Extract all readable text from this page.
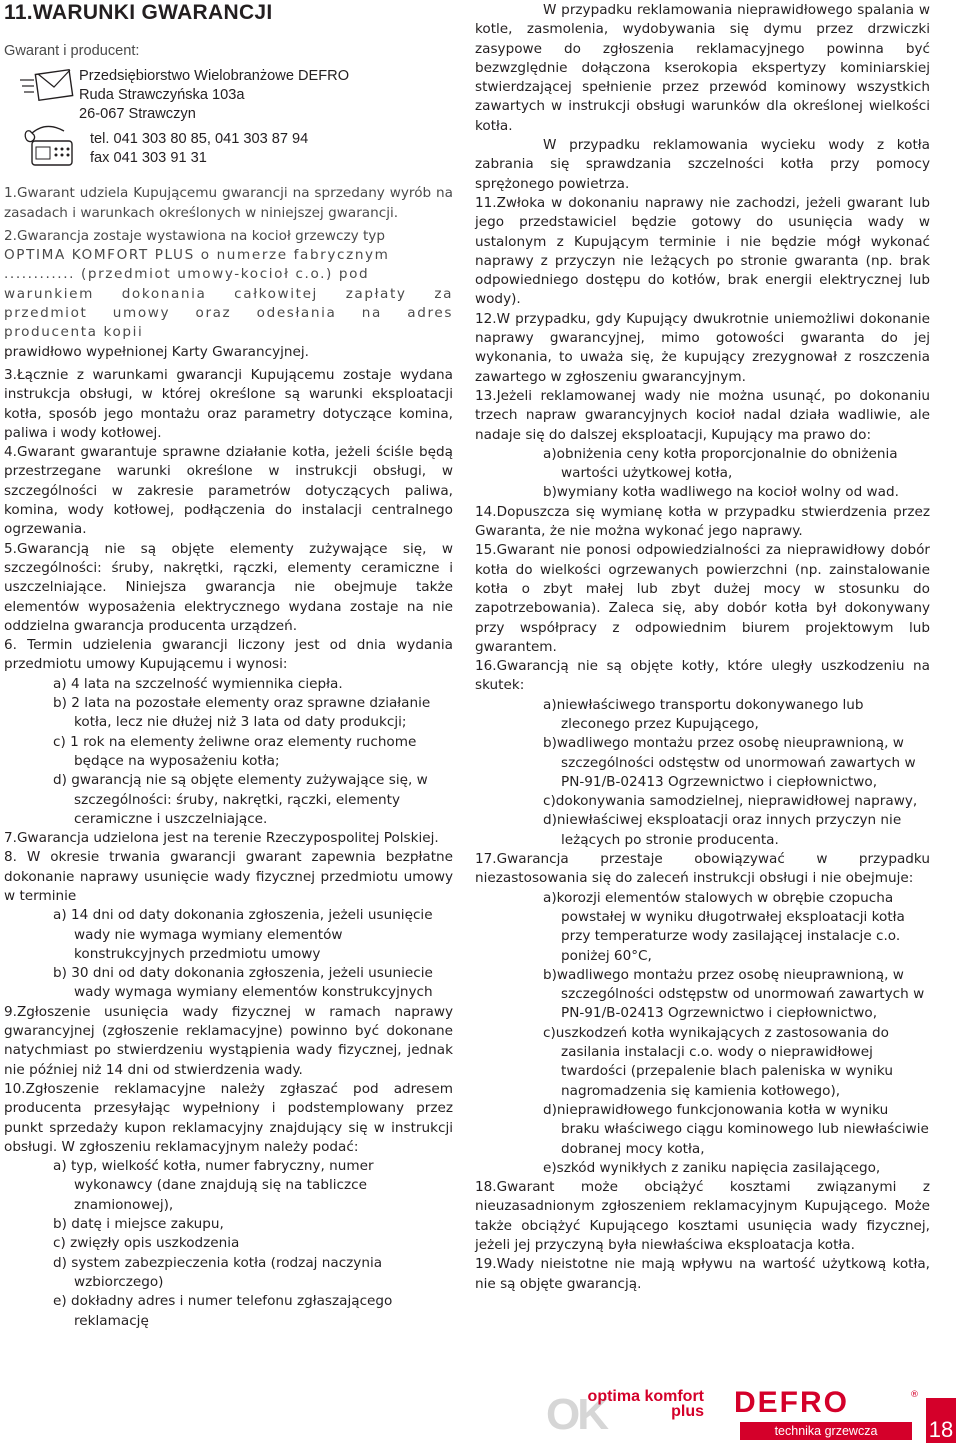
11.WARUNKI GWARANCJI

Gwarant i producent:

Przedsiębiorstwo Wielobranżowe DEFRO

Ruda Strawczyńska 103a

26-067 Strawczyn

tel. 041 303 80 85, 041 303 87 94

fax 041 303 91 31

1.Gwarant udziela Kupującemu gwarancji na sprzedany wyrób na zasadach i warunkach określonych w niniejszej gwarancji.

2.Gwarancja zostaje wystawiona na kocioł grzewczy typ

OPTIMA KOMFORT PLUS o numerze fabrycznym

............ (przedmiot umowy-kocioł c.o.) pod

warunkiem dokonania całkowitej zapłaty za przedmiot umowy oraz odesłania na adres producenta kopii

prawidłowo wypełnionej Karty Gwarancyjnej.

3.Łącznie z warunkami gwarancji Kupującemu zostaje wydana instrukcja obsługi, w której określone są warunki eksploatacji kotła, sposób jego montażu oraz parametry dotyczące komina, paliwa i wody kotłowej.

4.Gwarant gwarantuje sprawne działanie kotła, jeżeli ściśle będą przestrzegane warunki określone w instrukcji obsługi, w szczególności w zakresie parametrów dotyczących paliwa, komina, wody kotłowej, podłączenia do instalacji centralnego ogrzewania.

5.Gwarancją nie są objęte elementy zużywające się, w szczególności: śruby, nakrętki, rączki, elementy ceramiczne i uszczelniające. Niniejsza gwarancja nie obejmuje także elementów wyposażenia elektrycznego wydana zostaje na nie oddzielna gwarancja producenta urządzeń.

6. Termin udzielenia gwarancji liczony jest od dnia wydania przedmiotu umowy Kupującemu i wynosi:

a) 4 lata na szczelność wymiennika ciepła.

b) 2 lata na pozostałe elementy oraz sprawne działanie kotła, lecz nie dłużej niż 3 lata od daty produkcji;

c) 1 rok na elementy żeliwne oraz elementy ruchome będące na wyposażeniu kotła;

d) gwarancją nie są objęte elementy zużywające się, w szczególności: śruby, nakrętki, rączki, elementy ceramiczne i uszczelniające.

7.Gwarancja udzielona jest na terenie Rzeczypospolitej Polskiej.

8. W okresie trwania gwarancji gwarant zapewnia bezpłatne dokonanie naprawy usunięcie wady fizycznej przedmiotu umowy w terminie

a) 14 dni od daty dokonania zgłoszenia, jeżeli usunięcie wady nie wymaga wymiany elementów konstrukcyjnych przedmiotu umowy

b) 30 dni od daty dokonania zgłoszenia, jeżeli usuniecie wady wymaga wymiany elementów konstrukcyjnych

9.Zgłoszenie usunięcia wady fizycznej w ramach naprawy gwarancyjnej (zgłoszenie reklamacyjne) powinno być dokonane natychmiast po stwierdzeniu wystąpienia wady fizycznej, jednak nie później niż 14 dni od stwierdzenia wady.

10.Zgłoszenie reklamacyjne należy zgłaszać pod adresem producenta przesyłając wypełniony i podstemplowany przez punkt sprzedaży kupon reklamacyjny znajdujący się w instrukcji obsługi. W zgłoszeniu reklamacyjnym należy podać:

a) typ, wielkość kotła, numer fabryczny, numer wykonawcy (dane znajdują się na tabliczce znamionowej),

b) datę i miejsce zakupu,

c) zwięzły opis uszkodzenia

d) system zabezpieczenia kotła (rodzaj naczynia wzbiorczego)

e) dokładny adres i numer telefonu zgłaszającego reklamację

W przypadku reklamowania nieprawidłowego spalania w kotle, zasmolenia, wydobywania się dymu przez drzwiczki zasypowe do zgłoszenia reklamacyjnego powinna być bezwzględnie dołączona kserokopia ekspertyzy kominiarskiej stwierdzającej spełnienie przez przewód kominowy wszystkich zawartych w instrukcji obsługi warunków dla określonej wielkości kotła.

W przypadku reklamowania wycieku wody z kotła zabrania się sprawdzania szczelności kotła przy pomocy sprężonego powietrza.

11.Zwłoka w dokonaniu naprawy nie zachodzi, jeżeli gwarant lub jego przedstawiciel będzie gotowy do usunięcia wady w ustalonym z Kupującym terminie i nie będzie mógł wykonać naprawy z przyczyn nie leżących po stronie gwaranta (np. brak odpowiedniego dostępu do kotłów, brak energii elektrycznej lub wody).

12.W przypadku, gdy Kupujący dwukrotnie uniemożliwi dokonanie naprawy gwarancyjnej, mimo gotowości gwaranta do jej wykonania, to uważa się, że kupujący zrezygnował z roszczenia zawartego w zgłoszeniu gwarancyjnym.

13.Jeżeli reklamowanej wady nie można usunąć, po dokonaniu trzech napraw gwarancyjnych kocioł nadal działa wadliwie, ale nadaje się do dalszej eksploatacji, Kupujący ma prawo do:

a)obniżenia ceny kotła proporcjonalnie do obniżenia wartości użytkowej kotła,

b)wymiany kotła wadliwego na kocioł wolny od wad.

14.Dopuszcza się wymianę kotła w przypadku stwierdzenia przez Gwaranta, że nie można wykonać jego naprawy.

15.Gwarant nie ponosi odpowiedzialności za nieprawidłowy dobór kotła do wielkości ogrzewanych powierzchni (np. zainstalowanie kotła o zbyt małej lub zbyt dużej mocy w stosunku do zapotrzebowania). Zaleca się, aby dobór kotła był dokonywany przy współpracy z odpowiednim biurem projektowym lub gwarantem.

16.Gwarancją nie są objęte kotły, które uległy uszkodzeniu na skutek:

a)niewłaściwego transportu dokonywanego lub zleconego przez Kupującego,

b)wadliwego montażu przez osobę nieuprawnioną, w szczególności odstęstw od unormowań zawartych w PN-91/B-02413 Ogrzewnictwo i ciepłownictwo,

c)dokonywania samodzielnej, nieprawidłowej naprawy,

d)niewłaściwej eksploatacji oraz innych przyczyn nie leżących po stronie producenta.

17.Gwarancja przestaje obowiązywać w przypadku niezastosowania się do zaleceń instrukcji obsługi i nie obejmuje:

a)korozji elementów stalowych w obrębie czopucha powstałej w wyniku długotrwałej eksploatacji kotła przy temperaturze wody zasilającej instalacje c.o. poniżej 60°C,

b)wadliwego montażu przez osobę nieuprawnioną, w szczególności odstępstw od unormowań zawartych w PN-91/B-02413 Ogrzewnictwo i ciepłownictwo,

c)uszkodzeń kotła wynikających z zastosowania do zasilania instalacji c.o. wody o nieprawidłowej twardości (przepalenie blach paleniska w wyniku nagromadzenia się kamienia kotłowego),

d)nieprawidłowego funkcjonowania kotła w wyniku braku właściwego ciągu kominowego lub niewłaściwie dobranej mocy kotła,

e)szkód wynikłych z zaniku napięcia zasilającego,

18.Gwarant może obciążyć kosztami związanymi z nieuzasadnionym zgłoszeniem reklamacyjnym Kupującego. Może także obciążyć Kupującego kosztami usunięcia wady fizycznej, jeżeli jej przyczyną była niewłaściwa eksploatacja kotła.

19.Wady nieistotne nie mają wpływu na wartość użytkową kotła, nie są objęte gwarancją.

OK
optima komfort
plus DEFRO	®
technika grzewcza	18
